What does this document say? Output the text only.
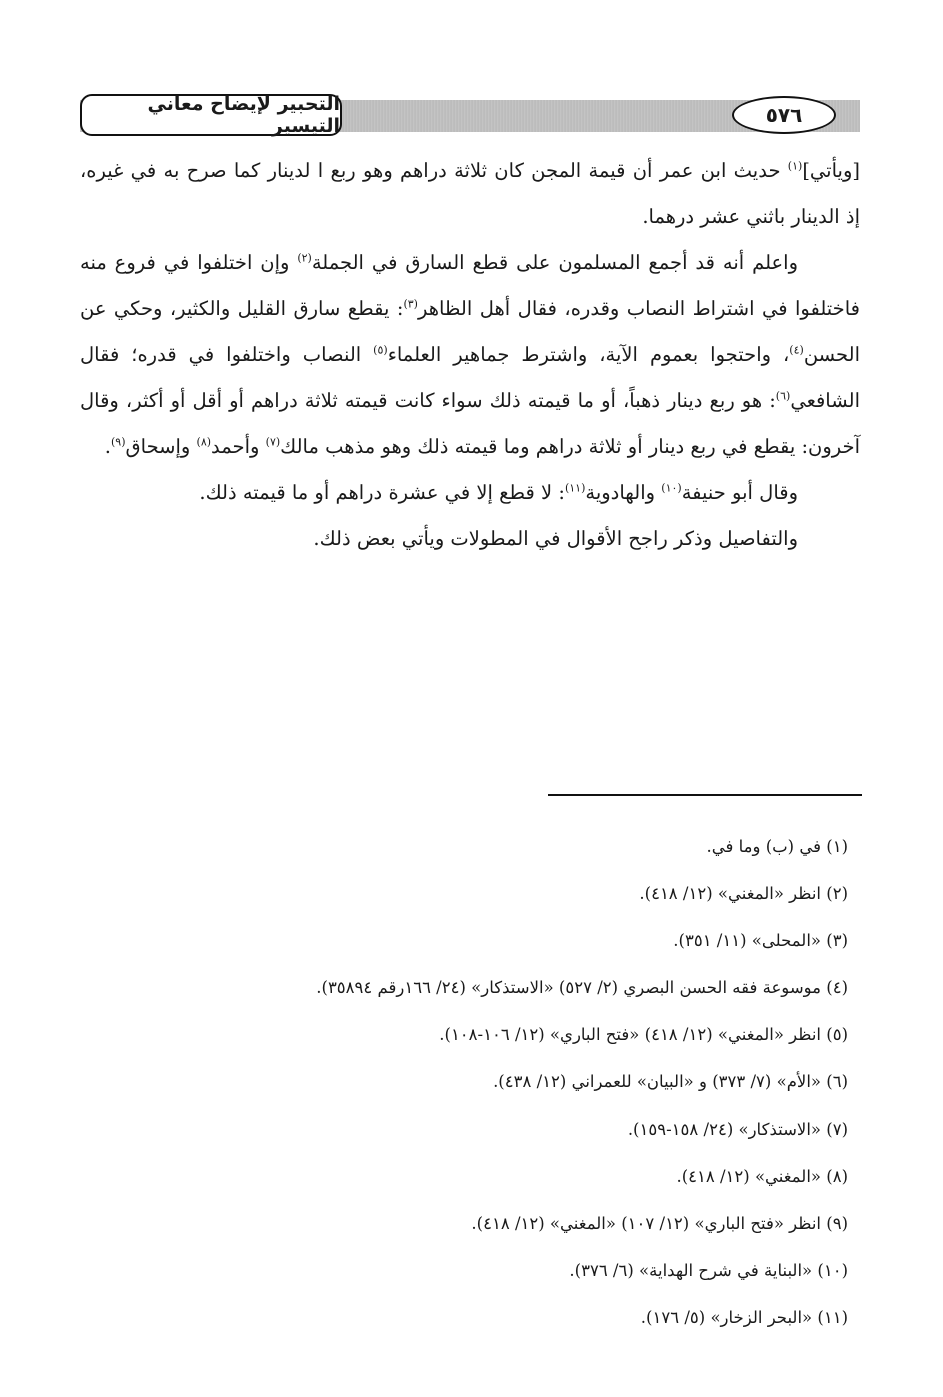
التحبير لإيضاح معاني التيسير	٥٧٦

[ويأتي]$^{(١)}$ حديث ابن عمر أن قيمة المجن كان ثلاثة دراهم وهو ربع ا لدينار كما صرح به في غيره، إذ الدينار باثني عشر درهما.

واعلم أنه قد أجمع المسلمون على قطع السارق في الجملة$^{(٢)}$ وإن اختلفوا في فروع منه فاختلفوا في اشتراط النصاب وقدره، فقال أهل الظاهر$^{(٣)}$: يقطع سارق القليل والكثير، وحكي عن الحسن$^{(٤)}$، واحتجوا بعموم الآية، واشترط جماهير العلماء$^{(٥)}$ النصاب واختلفوا في قدره؛ فقال الشافعي$^{(٦)}$: هو ربع دينار ذهباً، أو ما قيمته ذلك سواء كانت قيمته ثلاثة دراهم أو أقل أو أكثر، وقال آخرون: يقطع في ربع دينار أو ثلاثة دراهم وما قيمته ذلك وهو مذهب مالك$^{(٧)}$ وأحمد$^{(٨)}$ وإسحاق$^{(٩)}$.

وقال أبو حنيفة$^{(١٠)}$ والهادوية$^{(١١)}$: لا قطع إلا في عشرة دراهم أو ما قيمته ذلك.

والتفاصيل وذكر راجح الأقوال في المطولات ويأتي بعض ذلك.

(١) في (ب) وما في.
(٢) انظر «المغني» (١٢/ ٤١٨).
(٣) «المحلى» (١١/ ٣٥١).
(٤) موسوعة فقه الحسن البصري (٢/ ٥٢٧) «الاستذكار» (٢٤/ ١٦٦رقم ٣٥٨٩٤).
(٥) انظر «المغني» (١٢/ ٤١٨) «فتح الباري» (١٢/ ١٠٦-١٠٨).
(٦) «الأم» (٧/ ٣٧٣) و «البيان» للعمراني (١٢/ ٤٣٨).
(٧) «الاستذكار» (٢٤/ ١٥٨-١٥٩).
(٨) «المغني» (١٢/ ٤١٨).
(٩) انظر «فتح الباري» (١٢/ ١٠٧) «المغني» (١٢/ ٤١٨).
(١٠) «البناية في شرح الهداية» (٦/ ٣٧٦).
(١١) «البحر الزخار» (٥/ ١٧٦).
